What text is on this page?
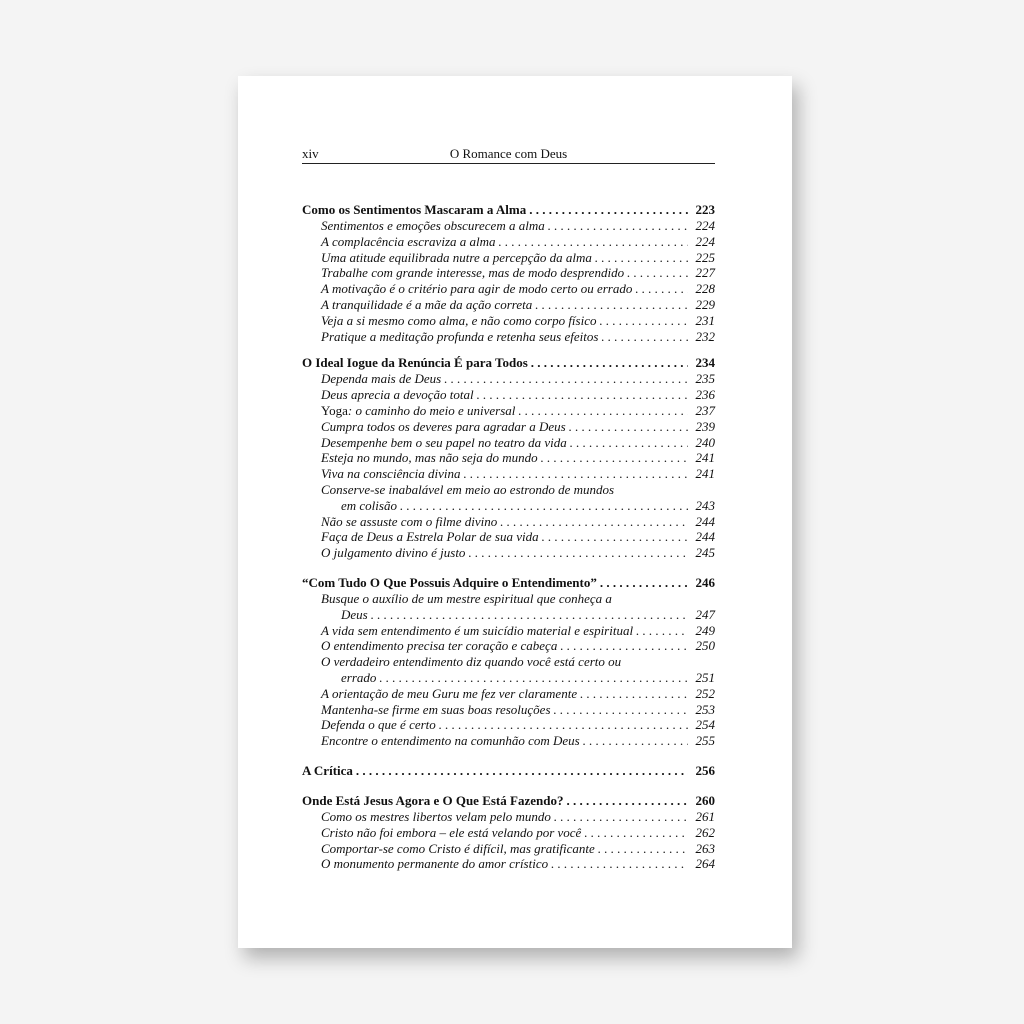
xiv	O Romance com Deus
Como os Sentimentos Mascaram a Alma . . .	223
Sentimentos e emoções obscurecem a alma . . .	224
A complacência escraviza a alma . . .	224
Uma atitude equilibrada nutre a percepção da alma . . .	225
Trabalhe com grande interesse, mas de modo desprendido . . .	227
A motivação é o critério para agir de modo certo ou errado . . .	228
A tranquilidade é a mãe da ação correta . . .	229
Veja a si mesmo como alma, e não como corpo físico . . .	231
Pratique a meditação profunda e retenha seus efeitos . . .	232
O Ideal Iogue da Renúncia É para Todos . . .	234
Dependa mais de Deus . . .	235
Deus aprecia a devoção total . . .	236
Yoga: o caminho do meio e universal . . .	237
Cumpra todos os deveres para agradar a Deus . . .	239
Desempenhe bem o seu papel no teatro da vida . . .	240
Esteja no mundo, mas não seja do mundo . . .	241
Viva na consciência divina . . .	241
Conserve-se inabalável em meio ao estrondo de mundos
em colisão . . .	243
Não se assuste com o filme divino . . .	244
Faça de Deus a Estrela Polar de sua vida . . .	244
O julgamento divino é justo . . .	245
“Com Tudo O Que Possuis Adquire o Entendimento” . . .	246
Busque o auxílio de um mestre espiritual que conheça a
Deus . . .	247
A vida sem entendimento é um suicídio material e espiritual . . .	249
O entendimento precisa ter coração e cabeça . . .	250
O verdadeiro entendimento diz quando você está certo ou
errado . . .	251
A orientação de meu Guru me fez ver claramente . . .	252
Mantenha-se firme em suas boas resoluções . . .	253
Defenda o que é certo . . .	254
Encontre o entendimento na comunhão com Deus . . .	255
A Crítica . . .	256
Onde Está Jesus Agora e O Que Está Fazendo? . . .	260
Como os mestres libertos velam pelo mundo . . .	261
Cristo não foi embora – ele está velando por você . . .	262
Comportar-se como Cristo é difícil, mas gratificante . . .	263
O monumento permanente do amor crístico . . .	264
